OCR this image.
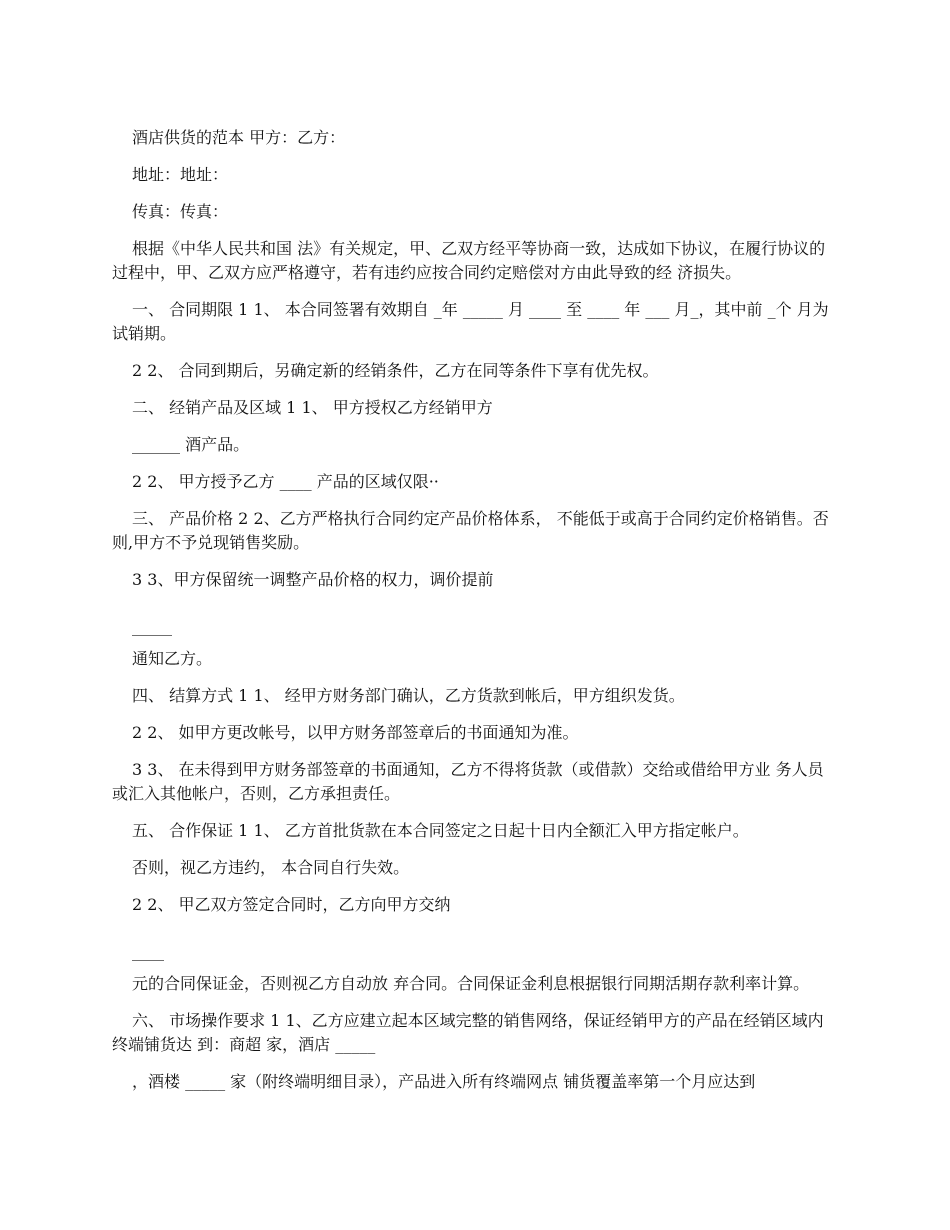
酒店供货的范本 甲方：乙方：

地址：地址：

传真：传真：

根据《中华人民共和国 法》有关规定，甲、乙双方经平等协商一致，达成如下协议，在履行协议的过程中，甲、乙双方应严格遵守，若有违约应按合同约定赔偿对方由此导致的经 济损失。

一、 合同期限 1 1、 本合同签署有效期自 _年 _____ 月 ____ 至 ____ 年 ___ 月_，其中前 _个 月为试销期。

2 2、 合同到期后，另确定新的经销条件，乙方在同等条件下享有优先权。

二、 经销产品及区域 1 1、 甲方授权乙方经销甲方

______ 酒产品。

2 2、 甲方授予乙方 ____ 产品的区域仅限··

三、 产品价格 2 2、乙方严格执行合同约定产品价格体系， 不能低于或高于合同约定价格销售。否则,甲方不予兑现销售奖励。

3 3、甲方保留统一调整产品价格的权力，调价提前

_____

通知乙方。

四、 结算方式 1 1、 经甲方财务部门确认，乙方货款到帐后，甲方组织发货。

2 2、 如甲方更改帐号，以甲方财务部签章后的书面通知为准。

3 3、 在未得到甲方财务部签章的书面通知，乙方不得将货款（或借款）交给或借给甲方业 务人员或汇入其他帐户，否则，乙方承担责任。

五、 合作保证 1 1、 乙方首批货款在本合同签定之日起十日内全额汇入甲方指定帐户。

否则，视乙方违约， 本合同自行失效。

2 2、 甲乙双方签定合同时，乙方向甲方交纳

____

元的合同保证金，否则视乙方自动放 弃合同。合同保证金利息根据银行同期活期存款利率计算。

六、 市场操作要求 1 1、乙方应建立起本区域完整的销售网络，保证经销甲方的产品在经销区域内终端铺货达 到：商超 家，酒店 _____

，酒楼 _____ 家（附终端明细目录），产品进入所有终端网点 铺货覆盖率第一个月应达到
